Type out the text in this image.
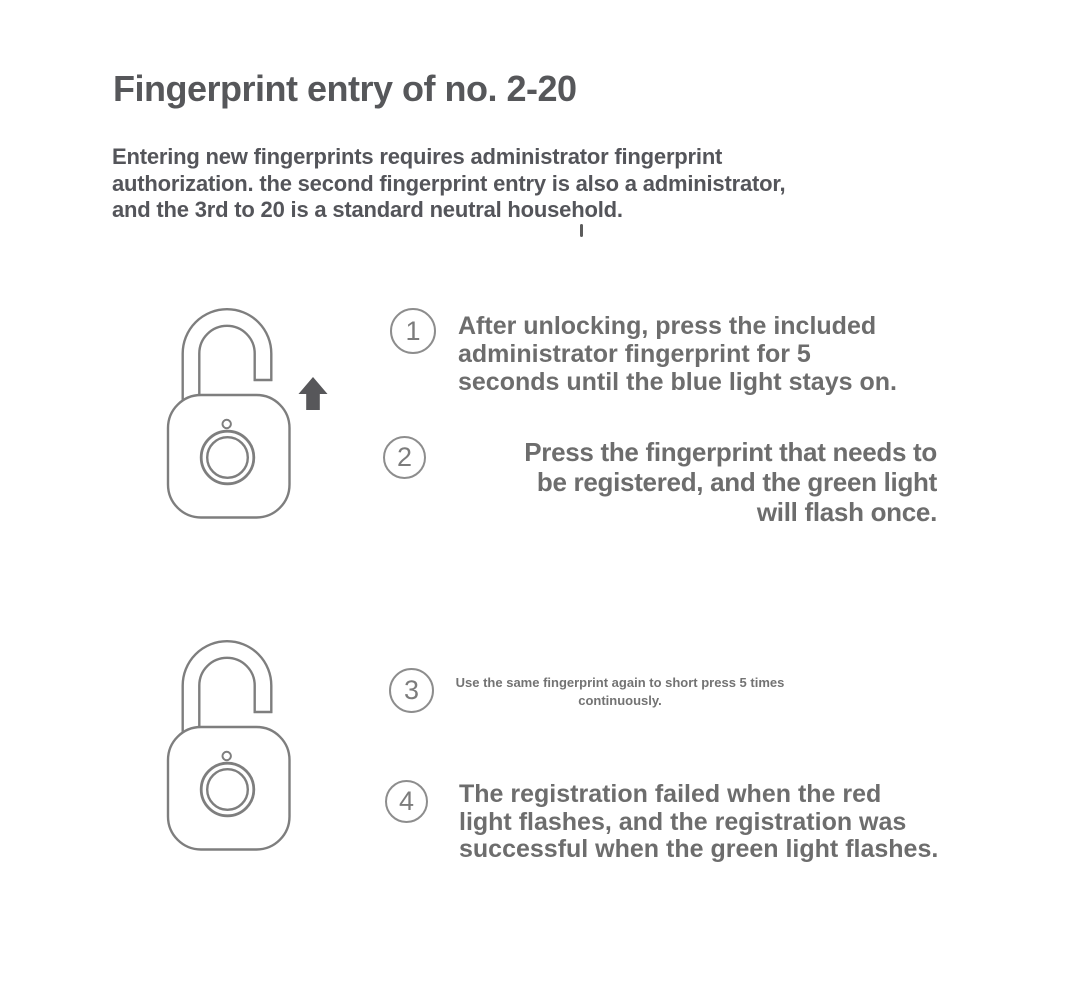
Fingerprint entry of no. 2-20
Entering new fingerprints requires administrator fingerprint
authorization. the second fingerprint entry is also a administrator,
and the 3rd to 20 is a standard neutral household.
1	After unlocking, press the included
administrator fingerprint for 5
seconds until the blue light stays on.
2	Press the fingerprint that needs to
be registered, and the green light
will flash once.
3	Use the same fingerprint again to short press 5 times
continuously.
4	The registration failed when the red
light flashes, and the registration was
successful when the green light flashes.
